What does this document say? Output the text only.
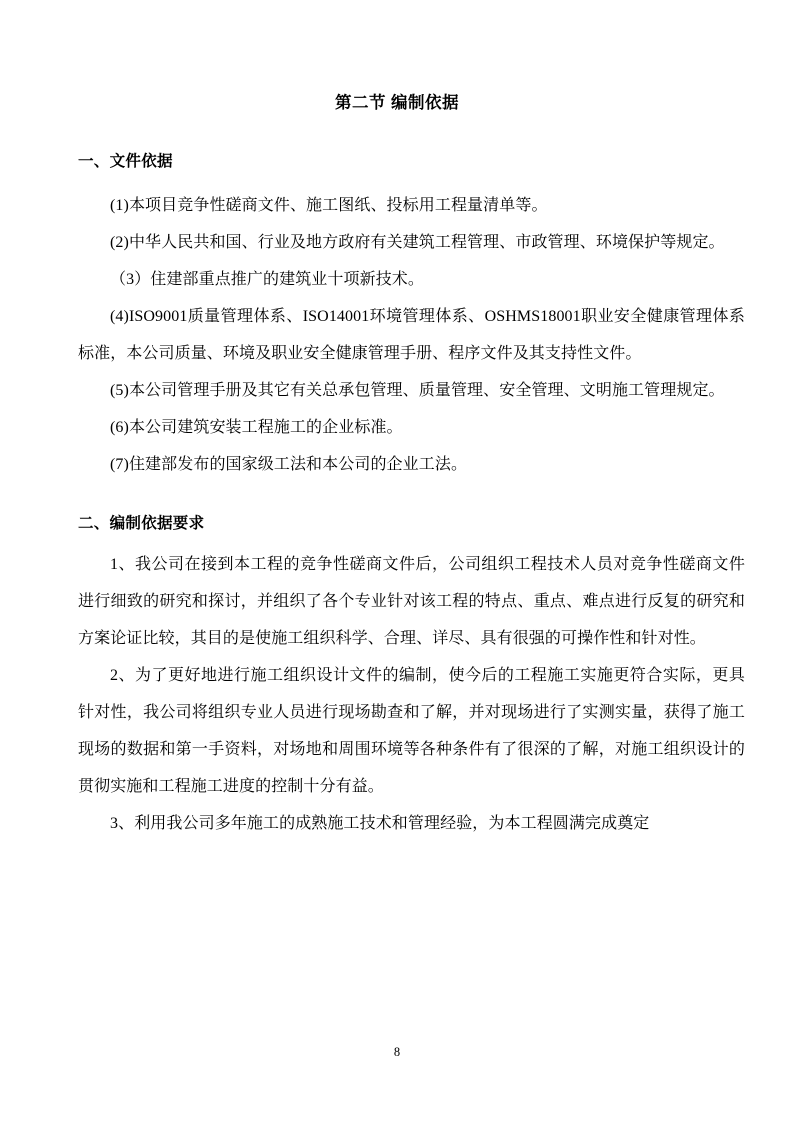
第二节 编制依据
一、文件依据

(1)本项目竞争性磋商文件、施工图纸、投标用工程量清单等。

(2)中华人民共和国、行业及地方政府有关建筑工程管理、市政管理、环境保护等规定。

（3）住建部重点推广的建筑业十项新技术。

(4)ISO9001质量管理体系、ISO14001环境管理体系、OSHMS18001职业安全健康管理体系标准，本公司质量、环境及职业安全健康管理手册、程序文件及其支持性文件。

(5)本公司管理手册及其它有关总承包管理、质量管理、安全管理、文明施工管理规定。

(6)本公司建筑安装工程施工的企业标准。

(7)住建部发布的国家级工法和本公司的企业工法。

二、编制依据要求

1、我公司在接到本工程的竞争性磋商文件后，公司组织工程技术人员对竞争性磋商文件进行细致的研究和探讨，并组织了各个专业针对该工程的特点、重点、难点进行反复的研究和方案论证比较，其目的是使施工组织科学、合理、详尽、具有很强的可操作性和针对性。

2、为了更好地进行施工组织设计文件的编制，使今后的工程施工实施更符合实际，更具针对性，我公司将组织专业人员进行现场勘查和了解，并对现场进行了实测实量，获得了施工现场的数据和第一手资料，对场地和周围环境等各种条件有了很深的了解，对施工组织设计的贯彻实施和工程施工进度的控制十分有益。

3、利用我公司多年施工的成熟施工技术和管理经验，为本工程圆满完成奠定

8
